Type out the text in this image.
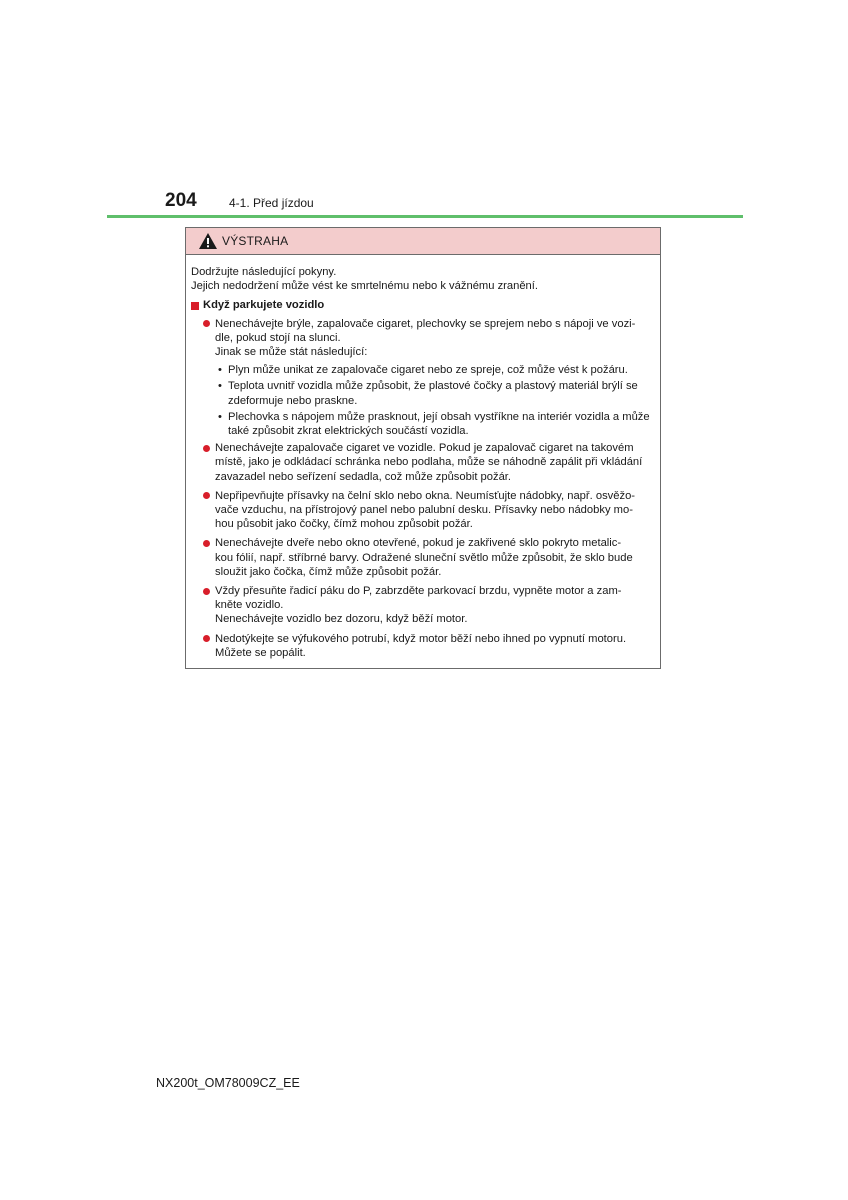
204	4-1. Před jízdou
VÝSTRAHA

Dodržujte následující pokyny.

Jejich nedodržení může vést ke smrtelnému nebo k vážnému zranění.

Když parkujete vozidlo
Nenechávejte brýle, zapalovače cigaret, plechovky se sprejem nebo s nápoji ve vozi-
dle, pokud stojí na slunci.
Jinak se může stát následující:
• Plyn může unikat ze zapalovače cigaret nebo ze spreje, což může vést k požáru.
• Teplota uvnitř vozidla může způsobit, že plastové čočky a plastový materiál brýlí se
zdeformuje nebo praskne.
• Plechovka s nápojem může prasknout, její obsah vystříkne na interiér vozidla a může
také způsobit zkrat elektrických součástí vozidla.
Nenechávejte zapalovače cigaret ve vozidle. Pokud je zapalovač cigaret na takovém
místě, jako je odkládací schránka nebo podlaha, může se náhodně zapálit při vkládání
zavazadel nebo seřízení sedadla, což může způsobit požár.
Nepřipevňujte přísavky na čelní sklo nebo okna. Neumísťujte nádobky, např. osvěžo-
vače vzduchu, na přístrojový panel nebo palubní desku. Přísavky nebo nádobky mo-
hou působit jako čočky, čímž mohou způsobit požár.
Nenechávejte dveře nebo okno otevřené, pokud je zakřivené sklo pokryto metalic-
kou fólií, např. stříbrné barvy. Odražené sluneční světlo může způsobit, že sklo bude
sloužit jako čočka, čímž může způsobit požár.
Vždy přesuňte řadicí páku do P, zabrzděte parkovací brzdu, vypněte motor a zam-
kněte vozidlo.
Nenechávejte vozidlo bez dozoru, když běží motor.
Nedotýkejte se výfukového potrubí, když motor běží nebo ihned po vypnutí motoru.
Můžete se popálit.
NX200t_OM78009CZ_EE
